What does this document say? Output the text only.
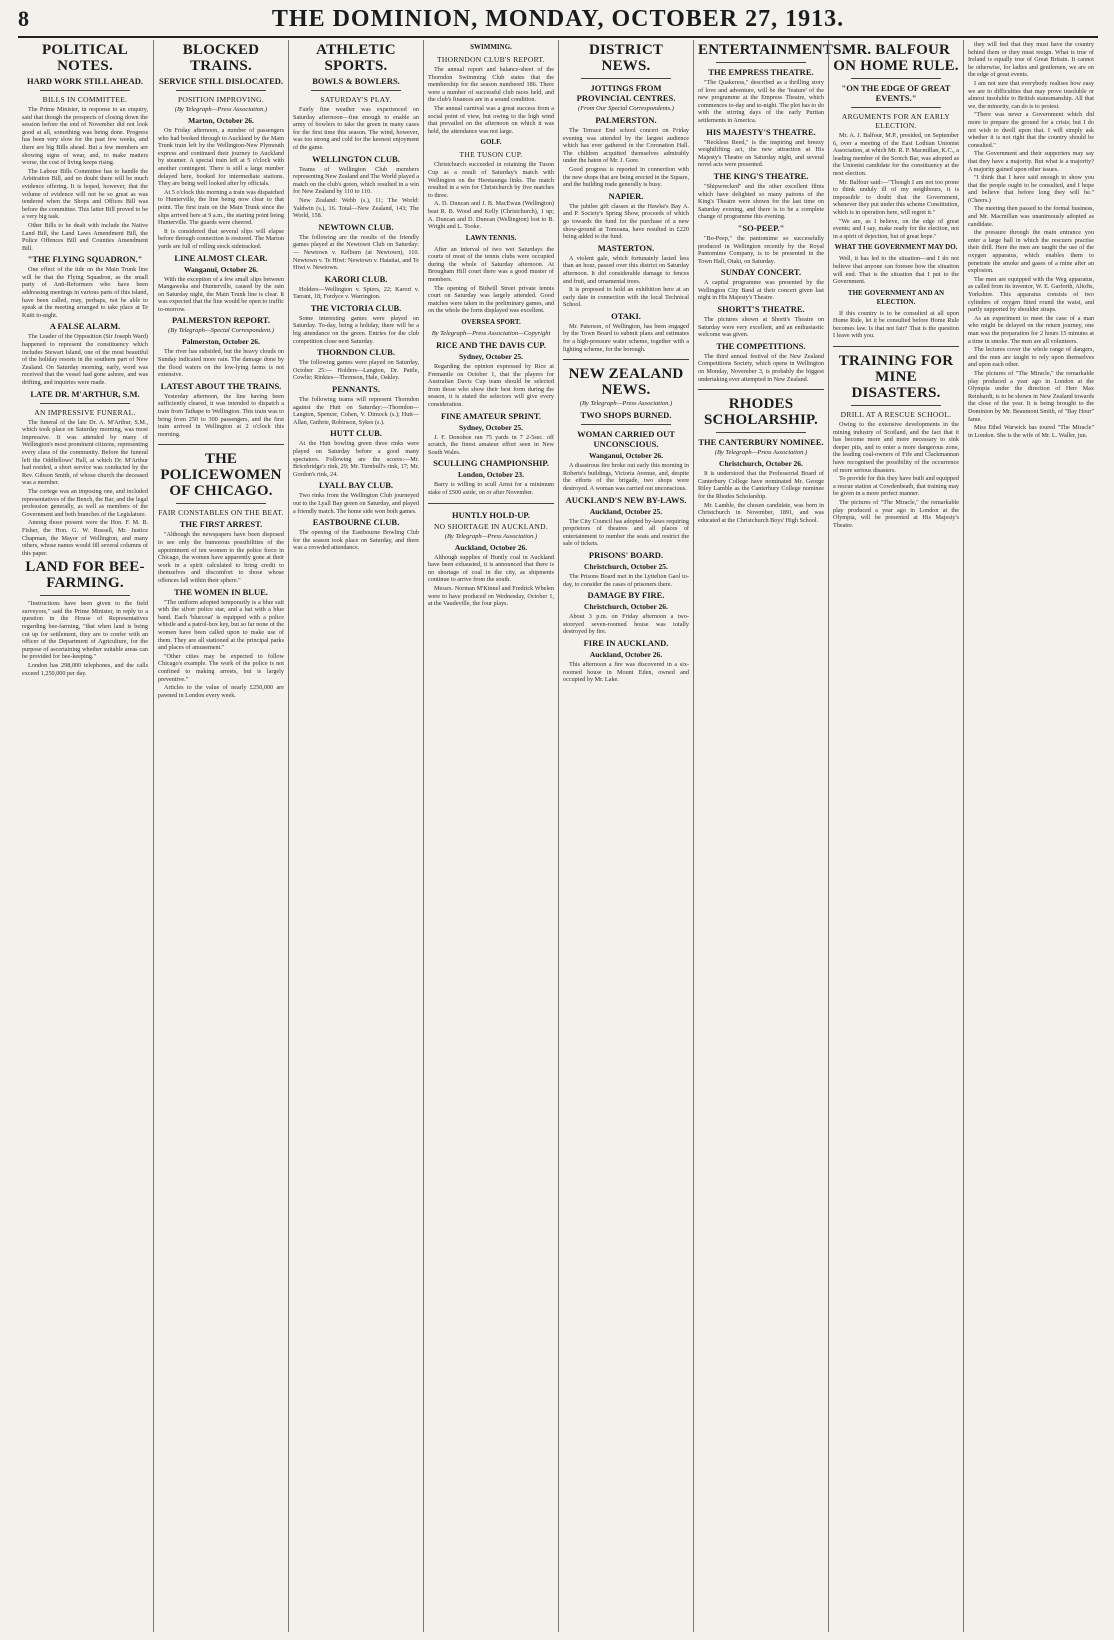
8	THE DOMINION, MONDAY, OCTOBER 27, 1913.
POLITICAL NOTES.
HARD WORK STILL AHEAD.
BILLS IN COMMITTEE.
The Prime Minister, in response to an enquiry, said that though the prospects of closing down the session before the end of November did not look good at all, something was being done. Progress has been very slow for the past few weeks, and there are big Bills ahead. But a few members are showing signs of wear, and, to make matters worse, the cost of living keeps rising.
The Labour Bills Committee has to handle the Arbitration Bill, and no doubt there will be much evidence offering. It is hoped, however, that the volume of evidence will not be so great as was tendered when the Shops and Offices Bill was before the committee. This latter Bill proved to be a very big task.
Other Bills to be dealt with include the Native Land Bill, the Land Laws Amendment Bill, the Police Offences Bill and Counties Amendment Bill.
"THE FLYING SQUADRON."
One effect of the tide on the Main Trunk line will be that the Flying Squadron, as the small party of Anti-Reformers who have been addressing meetings in various parts of this island, have been called, may, perhaps, not be able to speak at the meeting arranged to take place at Te Kuiti to-night.
A FALSE ALARM.
The Leader of the Opposition (Sir Joseph Ward) happened to represent the constituency which includes Stewart Island, one of the most beautiful of the holiday resorts in the southern part of New Zealand. On Saturday morning, early, word was received that the vessel had gone ashore, and was drifting, and inquiries were made.
LATE DR. M'ARTHUR, S.M.
AN IMPRESSIVE FUNERAL.
The funeral of the late Dr. A. M'Arthur, S.M., which took place on Saturday morning, was most impressive. It was attended by many of Wellington's most prominent citizens, representing every class of the community. Before the funeral left the Oddfellows' Hall, at which Dr. M'Arthur had resided, a short service was conducted by the Rev. Gibson Smith, of whose church the deceased was a member.
The cortege was an imposing one, and included representatives of the Bench, the Bar, and the legal profession generally, as well as members of the Government and both branches of the Legislature.
Among those present were the Hon. F. M. B. Fisher, the Hon. G. W. Russell, Mr. Justice Chapman, the Mayor of Wellington, and many others, whose names would fill several columns of this paper.
LAND FOR BEE-FARMING.
"Instructions have been given to the field surveyors," said the Prime Minister, in reply to a question in the House of Representatives regarding bee-farming, "that when land is being cut up for settlement, they are to confer with an officer of the Department of Agriculture, for the purpose of ascertaining whether suitable areas can be provided for bee-keeping."
London has 298,000 telephones, and the calls exceed 1,250,000 per day.
BLOCKED TRAINS.
SERVICE STILL DISLOCATED.
POSITION IMPROVING.
(By Telegraph—Press Association.)
Marton, October 26.
On Friday afternoon, a number of passengers who had booked through to Auckland by the Main Trunk train left by the Wellington-New Plymouth express and continued their journey to Auckland by steamer. A special train left at 5 o'clock with another contingent. There is still a large number delayed here, booked for intermediate stations. They are being well looked after by officials.
At 5 o'clock this morning a train was dispatched to Hunterville, the line being now clear to that point. The first train on the Main Trunk since the slips arrived here at 9 a.m., the starting point being Hunterville. The guards were cheered.
It is considered that several slips will elapse before through connection is restored. The Marton yards are full of rolling stock sidetracked.
LINE ALMOST CLEAR.
Wanganui, October 26.
With the exception of a few small slips between Mangaweka and Hunterville, caused by the rain on Saturday night, the Main Trunk line is clear. It was expected that the line would be open to traffic to-morrow.
PALMERSTON REPORT.
(By Telegraph—Special Correspondent.)
Palmerston, October 26.
The river has subsided, but the heavy clouds on Sunday indicated more rain. The damage done by the flood waters on the low-lying farms is not extensive.
LATEST ABOUT THE TRAINS.
Yesterday afternoon, the line having been sufficiently cleared, it was intended to dispatch a train from Taihape to Wellington. This train was to bring from 250 to 300 passengers, and the first train arrived in Wellington at 2 o'clock this morning.
THE POLICEWOMEN OF CHICAGO.
FAIR CONSTABLES ON THE BEAT.
THE FIRST ARREST.
"Although the newspapers have been disposed to see only the humorous possibilities of the appointment of ten women to the police force in Chicago, the women have apparently gone at their work in a spirit calculated to bring credit to themselves and discomfort to those whose offences fall within their sphere."
THE WOMEN IN BLUE.
"The uniform adopted temporarily is a blue suit with the silver police star, and a hat with a blue band. Each 'bluecoat' is equipped with a police whistle and a patrol-box key, but so far none of the women have been called upon to make use of them. They are all stationed at the principal parks and places of amusement."
"Other cities may be expected to follow Chicago's example. The work of the police is not confined to making arrests, but is largely preventive."
Articles to the value of nearly £250,000 are pawned in London every week.
ATHLETIC SPORTS.
BOWLS & BOWLERS.
SATURDAY'S PLAY.
Fairly fine weather was experienced on Saturday afternoon—fine enough to enable an army of bowlers to take the green in many cases for the first time this season. The wind, however, was too strong and cold for the keenest enjoyment of the game.
WELLINGTON CLUB.
Teams of Wellington Club members representing New Zealand and The World played a match on the club's green, which resulted in a win for New Zealand by 110 to 110.
New Zealand: Webb (s.), 11; The World: Yaldwin (s.), 16. Total—New Zealand, 143; The World, 158.
NEWTOWN CLUB.
The following are the results of the friendly games played at the Newtown Club on Saturday:— Newtown v. Kelburn (at Newtown), 110. Newtown v. Te Hiwi: Newtown v. Hataitai, and Te Hiwi v. Newtown.
KARORI CLUB.
Holders—Wellington v. Spiers, 22; Karori v. Tarrant, 18; Fordyce v. Warrington.
THE VICTORIA CLUB.
Some interesting games were played on Saturday. To-day, being a holiday, there will be a big attendance on the green. Entries for the club competition close next Saturday.
THORNDON CLUB.
The following games were played on Saturday, October 25:— Holders—Langton, Dr. Pattle, Cowlie; Rinkies—Thomson, Hale, Oakley.
PENNANTS.
The following teams will represent Thorndon against the Hutt on Saturday:—Thorndon—Langton, Spencer, Cohen, V. Dimock (s.); Hutt—Allan, Guthrie, Robinson, Sykes (s.).
HUTT CLUB.
At the Hutt bowling green three rinks were played on Saturday before a good many spectators. Following are the scores:—Mr. Bricebridge's rink, 29; Mr. Turnbull's rink, 17; Mr. Gordon's rink, 24.
LYALL BAY CLUB.
Two rinks from the Wellington Club journeyed out to the Lyall Bay green on Saturday, and played a friendly match. The home side won both games.
EASTBOURNE CLUB.
The opening of the Eastbourne Bowling Club for the season took place on Saturday, and there was a crowded attendance.
SWIMMING.
THORNDON CLUB'S REPORT.
The annual report and balance-sheet of the Thorndon Swimming Club states that the membership for the season numbered 186. There were a number of successful club races held, and the club's finances are in a sound condition.
The annual carnival was a great success from a social point of view, but owing to the high wind that prevailed on the afternoon on which it was held, the attendance was not large.
GOLF.
THE TUSON CUP.
Christchurch succeeded in retaining the Tuson Cup as a result of Saturday's match with Wellington on the Heretaunga links. The match resulted in a win for Christchurch by five matches to three.
A. D. Duncan and J. B. MacEwan (Wellington) beat R. B. Wood and Kelly (Christchurch), 1 up; A. Duncan and D. Duncan (Wellington) lost to B. Wright and L. Tooke.
LAWN TENNIS.
After an interval of two wet Saturdays the courts of most of the tennis clubs were occupied during the whole of Saturday afternoon. At Brougham Hill court there was a good muster of members.
The opening of Bidwill Street private tennis court on Saturday was largely attended. Good matches were taken in the preliminary games, and on the whole the form displayed was excellent.
OVERSEA SPORT.
By Telegraph—Press Association—Copyright
RICE AND THE DAVIS CUP.
Sydney, October 25.
Regarding the opinion expressed by Rice at Fremantle on October 1, that the players for Australian Davis Cup team should be selected from those who show their best form during the season, it is stated the selectors will give every consideration.
FINE AMATEUR SPRINT.
Sydney, October 25.
J. F. Donohoe ran 75 yards in 7 2-5sec. off scratch, the finest amateur effort seen in New South Wales.
SCULLING CHAMPIONSHIP.
London, October 23.
Barry is willing to scull Arnst for a minimum stake of £500 aside, on or after November.
HUNTLY HOLD-UP.
NO SHORTAGE IN AUCKLAND.
(By Telegraph—Press Association.)
Auckland, October 26.
Although supplies of Huntly coal in Auckland have been exhausted, it is announced that there is no shortage of coal in the city, as shipments continue to arrive from the south.
Messrs. Norman M'Kinnel and Fredrick Whelen were to have produced on Wednesday, October 1, at the Vaudeville, the four plays.
DISTRICT NEWS.
JOTTINGS FROM PROVINCIAL CENTRES.
(From Our Special Correspondents.)
PALMERSTON.
The Terrace End school concert on Friday evening was attended by the largest audience which has ever gathered in the Coronation Hall. The children acquitted themselves admirably under the baton of Mr. J. Gore.
Good progress is reported in connection with the new shops that are being erected in the Square, and the building trade generally is busy.
NAPIER.
The jubilee gift classes at the Hawke's Bay A. and P. Society's Spring Show, proceeds of which go towards the fund for the purchase of a new show-ground at Tomoana, have resulted in £220 being added to the fund.
MASTERTON.
A violent gale, which fortunately lasted less than an hour, passed over this district on Saturday afternoon. It did considerable damage to fences and fruit, and ornamental trees.
It is proposed to hold an exhibition here at an early date in connection with the local Technical School.
OTAKI.
Mr. Paterson, of Wellington, has been engaged by the Town Board to submit plans and estimates for a high-pressure water scheme, together with a lighting scheme, for the borough.
NEW ZEALAND NEWS.
(By Telegraph—Press Association.)
TWO SHOPS BURNED.
WOMAN CARRIED OUT UNCONSCIOUS.
Wanganui, October 26.
A disastrous fire broke out early this morning in Roberts's buildings, Victoria Avenue, and, despite the efforts of the brigade, two shops were destroyed. A woman was carried out unconscious.
AUCKLAND'S NEW BY-LAWS.
Auckland, October 25.
The City Council has adopted by-laws requiring proprietors of theatres and all places of entertainment to number the seats and restrict the sale of tickets.
PRISONS' BOARD.
Christchurch, October 25.
The Prisons Board met in the Lyttelton Gaol to-day, to consider the cases of prisoners there.
DAMAGE BY FIRE.
Christchurch, October 26.
About 3 p.m. on Friday afternoon a two-storeyed seven-roomed house was totally destroyed by fire.
FIRE IN AUCKLAND.
Auckland, October 26.
This afternoon a fire was discovered in a six-roomed house in Mount Eden, owned and occupied by Mr. Lake.
ENTERTAINMENTS.
THE EMPRESS THEATRE.
"The Quakeress," described as a thrilling story of love and adventure, will be the 'feature' of the new programme at the Empress Theatre, which commences to-day and to-night. The plot has to do with the stirring days of the early Puritan settlements in America.
HIS MAJESTY'S THEATRE.
"Reckless Reed," is the inspiring and breezy weightlifting act, the new attraction at His Majesty's Theatre on Saturday night, and several novel acts were presented.
THE KING'S THEATRE.
"Shipwrecked" and the other excellent films which have delighted so many patrons of the King's Theatre were shown for the last time on Saturday evening, and there is to be a complete change of programme this evening.
"SO-PEEP."
"Bo-Peep," the pantomime so successfully produced in Wellington recently by the Royal Pantomime Company, is to be presented in the Town Hall, Otaki, on Saturday.
SUNDAY CONCERT.
A capital programme was presented by the Wellington City Band at their concert given last night in His Majesty's Theatre.
SHORTT'S THEATRE.
The pictures shown at Shortt's Theatre on Saturday were very excellent, and an enthusiastic welcome was given.
THE COMPETITIONS.
The third annual festival of the New Zealand Competitions Society, which opens in Wellington on Monday, November 3, is probably the biggest undertaking ever attempted in New Zealand.
RHODES SCHOLARSHIP.
THE CANTERBURY NOMINEE.
(By Telegraph—Press Association.)
Christchurch, October 26.
It is understood that the Professorial Board of Canterbury College have nominated Mr. George Riley Lamble as the Canterbury College nominee for the Rhodes Scholarship.
Mr. Lamble, the chosen candidate, was born in Christchurch in November, 1891, and was educated at the Christchurch Boys' High School.
MR. BALFOUR ON HOME RULE.
"ON THE EDGE OF GREAT EVENTS."
ARGUMENTS FOR AN EARLY ELECTION.
Mr. A. J. Balfour, M.P., presided, on September 6, over a meeting of the East Lothian Unionist Association, at which Mr. R. P. Macmillan, K.C., a leading member of the Scotch Bar, was adopted as the Unionist candidate for the constituency at the next election.
Mr. Balfour said:—"Though I am not too prone to think unduly ill of my neighbours, it is impossible to doubt that the Government, whenever they put under this scheme Constitution, which is in operation here, will regret it."
"We are, as I believe, on the edge of great events; and I say, make ready for the election, not in a spirit of dejection, but of great hope."
WHAT THE GOVERNMENT MAY DO.
Well, it has led to the situation—and I do not believe that anyone can foresee how the situation will end. That is the situation that I put to the Government.
THE GOVERNMENT AND AN ELECTION.
If this country is to be consulted at all upon Home Rule, let it be consulted before Home Rule becomes law. Is that not fair? That is the question I leave with you.
TRAINING FOR MINE DISASTERS.
DRILL AT A RESCUE SCHOOL.
Owing to the extensive developments in the mining industry of Scotland, and the fact that it has become more and more necessary to sink deeper pits, and to enter a more dangerous zone, the leading coal-owners of Fife and Clackmannan have recognised the possibility of the occurrence of more serious disasters.
To provide for this they have built and equipped a rescue station at Cowdenbeath, that training may be given in a more perfect manner.
The pictures of "The Miracle," the remarkable play produced a year ago in London at the Olympia, will be presented at His Majesty's Theatre.
they will feel that they must have the country behind them or they must resign. What is true of Ireland is equally true of Great Britain. It cannot be otherwise, for ladies and gentlemen, we are on the edge of great events.
I am not sure that everybody realises how easy we are to difficulties that may prove insoluble or almost insoluble to British statesmanship. All that we, the minority, can do is to protest.
"There was never a Government which did more to prepare the ground for a crisis; but I do not wish to dwell upon that. I will simply ask whether it is not right that the country should be consulted."
The Government and their supporters may say that they have a majority. But what is a majority? A majority gained upon other issues.
"I think that I have said enough to show you that the people ought to be consulted, and I hope and believe that before long they will be." (Cheers.)
The meeting then passed to the formal business, and Mr. Macmillan was unanimously adopted as candidate.
the pressure through the main entrance you enter a large hall in which the rescuers practise their drill. Here the men are taught the use of the oxygen apparatus, which enables them to penetrate the smoke and gases of a mine after an explosion.
The men are equipped with the Weg apparatus, as called from its inventor, W. E. Garforth, Altofts, Yorkshire. This apparatus consists of two cylinders of oxygen fitted round the waist, and partly supported by shoulder straps.
As an experiment to meet the case of a man who might be delayed on the return journey, one man was the preparation for 2 hours 15 minutes at a time in smoke. The men are all volunteers.
The lectures cover the whole range of dangers, and the men are taught to rely upon themselves and upon each other.
The pictures of "The Miracle," the remarkable play produced a year ago in London at the Olympia under the direction of Herr Max Reinhardt, is to be shown in New Zealand towards the close of the year. It is being brought to the Dominion by Mr. Beaumont Smith, of "Bay Hour" fame.
Miss Ethel Warwick has toured "The Miracle" in London. She is the wife of Mr. L. Waller, jun.
